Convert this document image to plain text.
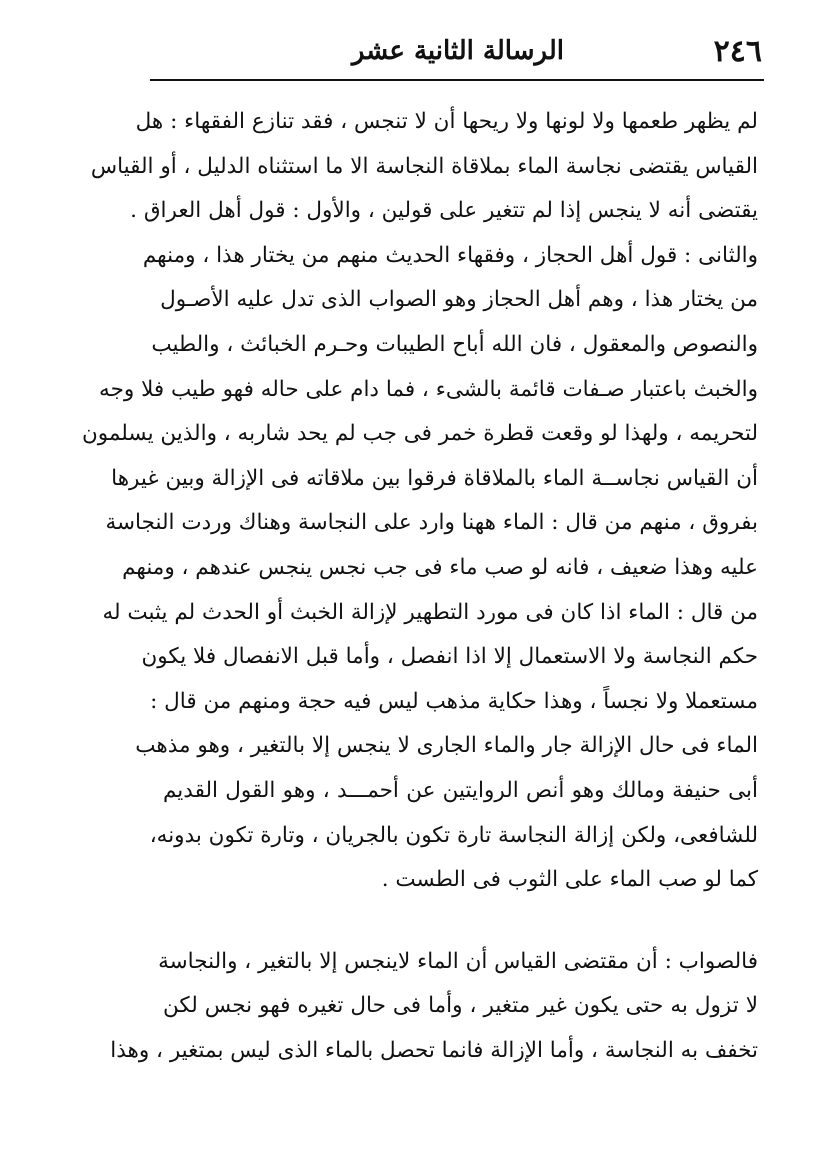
٢٤٦
الرسالة الثانية عشر
لم يظهر طعمها ولا لونها ولا ريحها أن لا تنجس ، فقد تنازع الفقهاء : هل
القياس يقتضى نجاسة الماء بملاقاة النجاسة الا ما استثناه الدليل ، أو القياس
يقتضى أنه لا ينجس إذا لم تتغير على قولين ، والأول : قول أهل العراق .
والثانى : قول أهل الحجاز ، وفقهاء الحديث منهم من يختار هذا ، ومنهم
من يختار هذا ، وهم أهل الحجاز وهو الصواب الذى تدل عليه الأصـول
والنصوص والمعقول ، فان الله أباح الطيبات وحـرم الخبائث ، والطيب
والخبث باعتبار صـفات قائمة بالشىء ، فما دام على حاله فهو طيب فلا وجه
لتحريمه ، ولهذا لو وقعت قطرة خمر فى جب لم يحد شاربه ، والذين يسلمون
أن القياس نجاســة الماء بالملاقاة فرقوا بين ملاقاته فى الإزالة وبين غيرها
بفروق ، منهم من قال : الماء ههنا وارد على النجاسة وهناك وردت النجاسة
عليه وهذا ضعيف ، فانه لو صب ماء فى جب نجس ينجس عندهم ، ومنهم
من قال : الماء اذا كان فى مورد التطهير لإزالة الخبث أو الحدث لم يثبت له
حكم النجاسة ولا الاستعمال إلا اذا انفصل ، وأما قبل الانفصال فلا يكون
مستعملا ولا نجساً ، وهذا حكاية مذهب ليس فيه حجة ومنهم من قال :
الماء فى حال الإزالة جار والماء الجارى لا ينجس إلا بالتغير ، وهو مذهب
أبى حنيفة ومالك وهو أنص الروايتين عن أحمـــد ، وهو القول القديم
للشافعى، ولكن إزالة النجاسة تارة تكون بالجريان ، وتارة تكون بدونه،
كما لو صب الماء على الثوب فى الطست .
فالصواب : أن مقتضى القياس أن الماء لاينجس إلا بالتغير ، والنجاسة
لا تزول به حتى يكون غير متغير ، وأما فى حال تغيره فهو نجس لكن
تخفف به النجاسة ، وأما الإزالة فانما تحصل بالماء الذى ليس بمتغير ، وهذا
